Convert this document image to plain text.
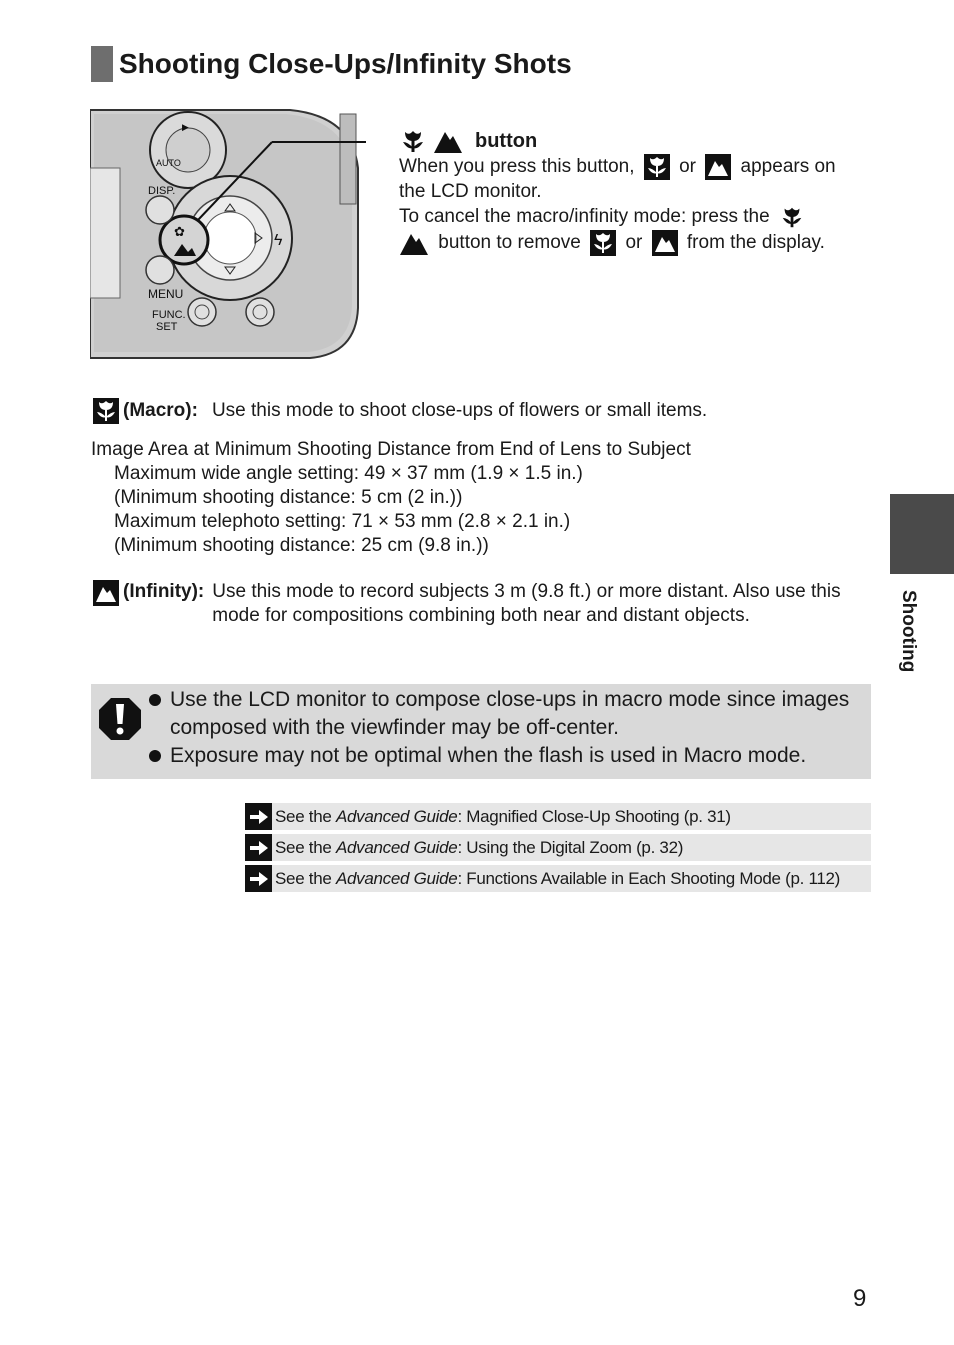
Shooting Close-Ups/Infinity Shots
AUTO
▶
ϟ
✿
DISP.
MENU
FUNC.
SET
button
When you press this button, or appears on
the LCD monitor.
To cancel the macro/infinity mode: press the
button to remove or from the display.
(Macro): Use this mode to shoot close-ups of flowers or small items.
Image Area at Minimum Shooting Distance from End of Lens to Subject
Maximum wide angle setting: 49 × 37 mm (1.9 × 1.5 in.)
(Minimum shooting distance: 5 cm (2 in.))
Maximum telephoto setting: 71 × 53 mm (2.8 × 2.1 in.)
(Minimum shooting distance: 25 cm (9.8 in.))
(Infinity): Use this mode to record subjects 3 m (9.8 ft.) or more distant. Also use this mode for compositions combining both near and distant objects.
Use the LCD monitor to compose close-ups in macro mode since images composed with the viewfinder may be off-center.
Exposure may not be optimal when the flash is used in Macro mode.
See the Advanced Guide : Magnified Close-Up Shooting (p. 31)
See the Advanced Guide : Using the Digital Zoom (p. 32)
See the Advanced Guide : Functions Available in Each Shooting Mode (p. 112)
Shooting
9
